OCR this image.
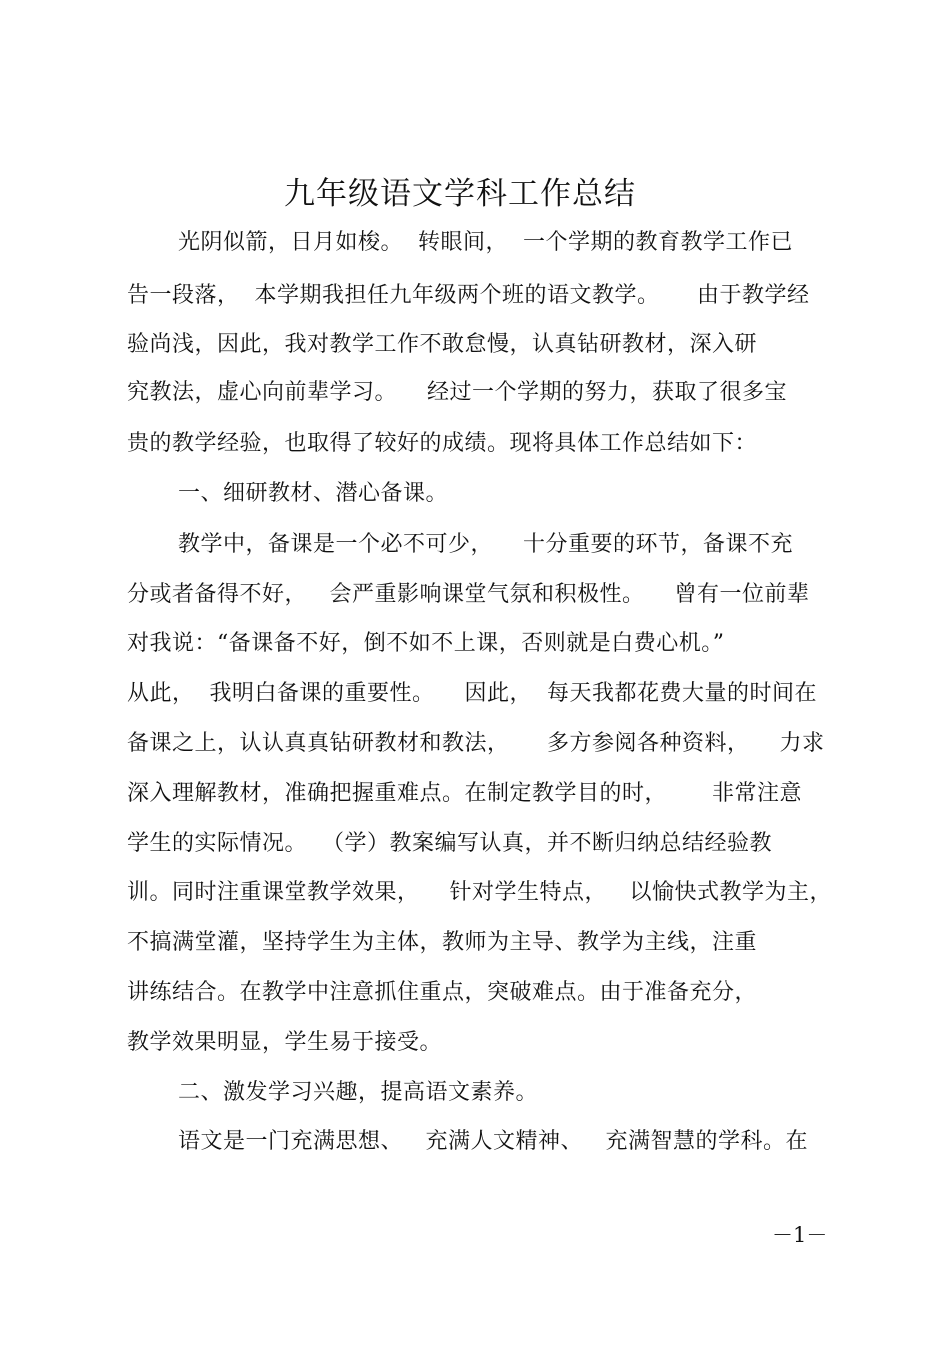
九年级语文学科工作总结
光阴似箭，日月如梭。  转眼间，  一个学期的教育教学工作已
告一段落，  本学期我担任九年级两个班的语文教学。     由于教学经
验尚浅，因此，我对教学工作不敢怠慢，认真钻研教材，深入研
究教法，虚心向前辈学习。    经过一个学期的努力，获取了很多宝
贵的教学经验，也取得了较好的成绩。现将具体工作总结如下：
一、细研教材、潜心备课。
教学中，备课是一个必不可少，    十分重要的环节，备课不充
分或者备得不好，   会严重影响课堂气氛和积极性。    曾有一位前辈
对我说：“备课备不好，倒不如不上课，否则就是白费心机。”
从此，  我明白备课的重要性。    因此，  每天我都花费大量的时间在
备课之上，认认真真钻研教材和教法，     多方参阅各种资料，    力求
深入理解教材，准确把握重难点。在制定教学目的时，      非常注意
学生的实际情况。  （学）教案编写认真，并不断归纳总结经验教
训。同时注重课堂教学效果，    针对学生特点，   以愉快式教学为主，
不搞满堂灌，坚持学生为主体，教师为主导、教学为主线，注重
讲练结合。在教学中注意抓住重点，突破难点。由于准备充分，
教学效果明显，学生易于接受。
二、激发学习兴趣，提高语文素养。
语文是一门充满思想、   充满人文精神、   充满智慧的学科。在
－1－
